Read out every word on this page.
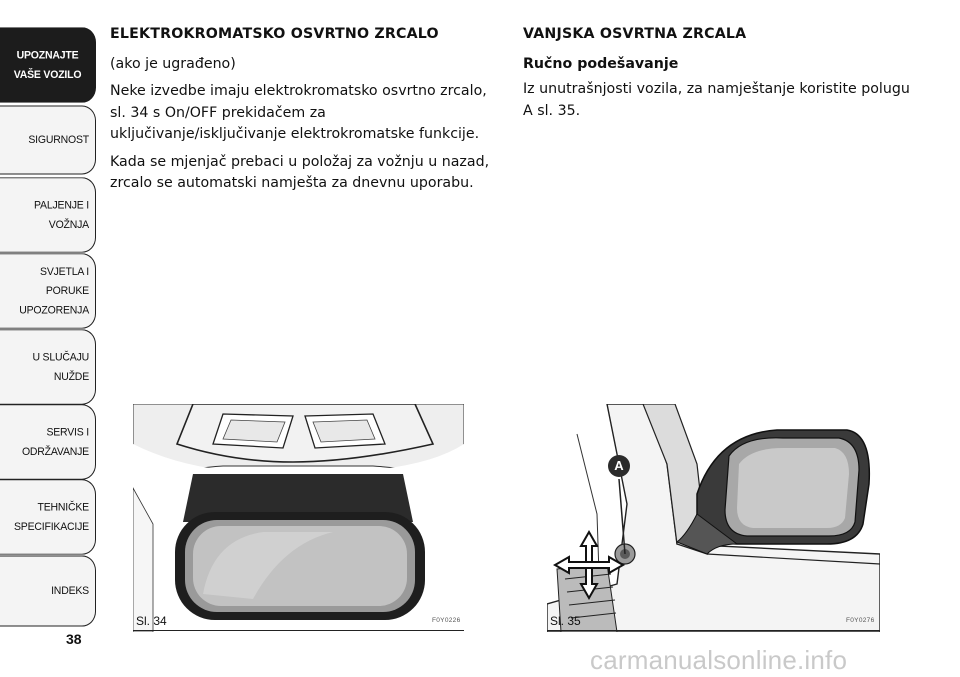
UPOZNAJTE
VAŠE VOZILO
SIGURNOST
PALJENJE I
VOŽNJA
SVJETLA I PORUKE
UPOZORENJA
U SLUČAJU
NUŽDE
SERVIS I
ODRŽAVANJE
TEHNIČKE
SPECIFIKACIJE
INDEKS
38
ELEKTROKROMATSKO OSVRTNO ZRCALO

(ako je ugrađeno)

Neke izvedbe imaju elektrokromatsko osvrtno zrcalo, sl. 34 s On/OFF prekidačem za uključivanje/isključivanje elektrokromatske funkcije.

Kada se mjenjač prebaci u položaj za vožnju u nazad, zrcalo se automatski namješta za dnevnu uporabu.

VANJSKA OSVRTNA ZRCALA
Ručno podešavanje

Iz unutrašnjosti vozila, za namještanje koristite polugu A sl. 35.

Sl. 34	F0Y0226
A
Sl. 35	F0Y0276
carmanualsonline.info
